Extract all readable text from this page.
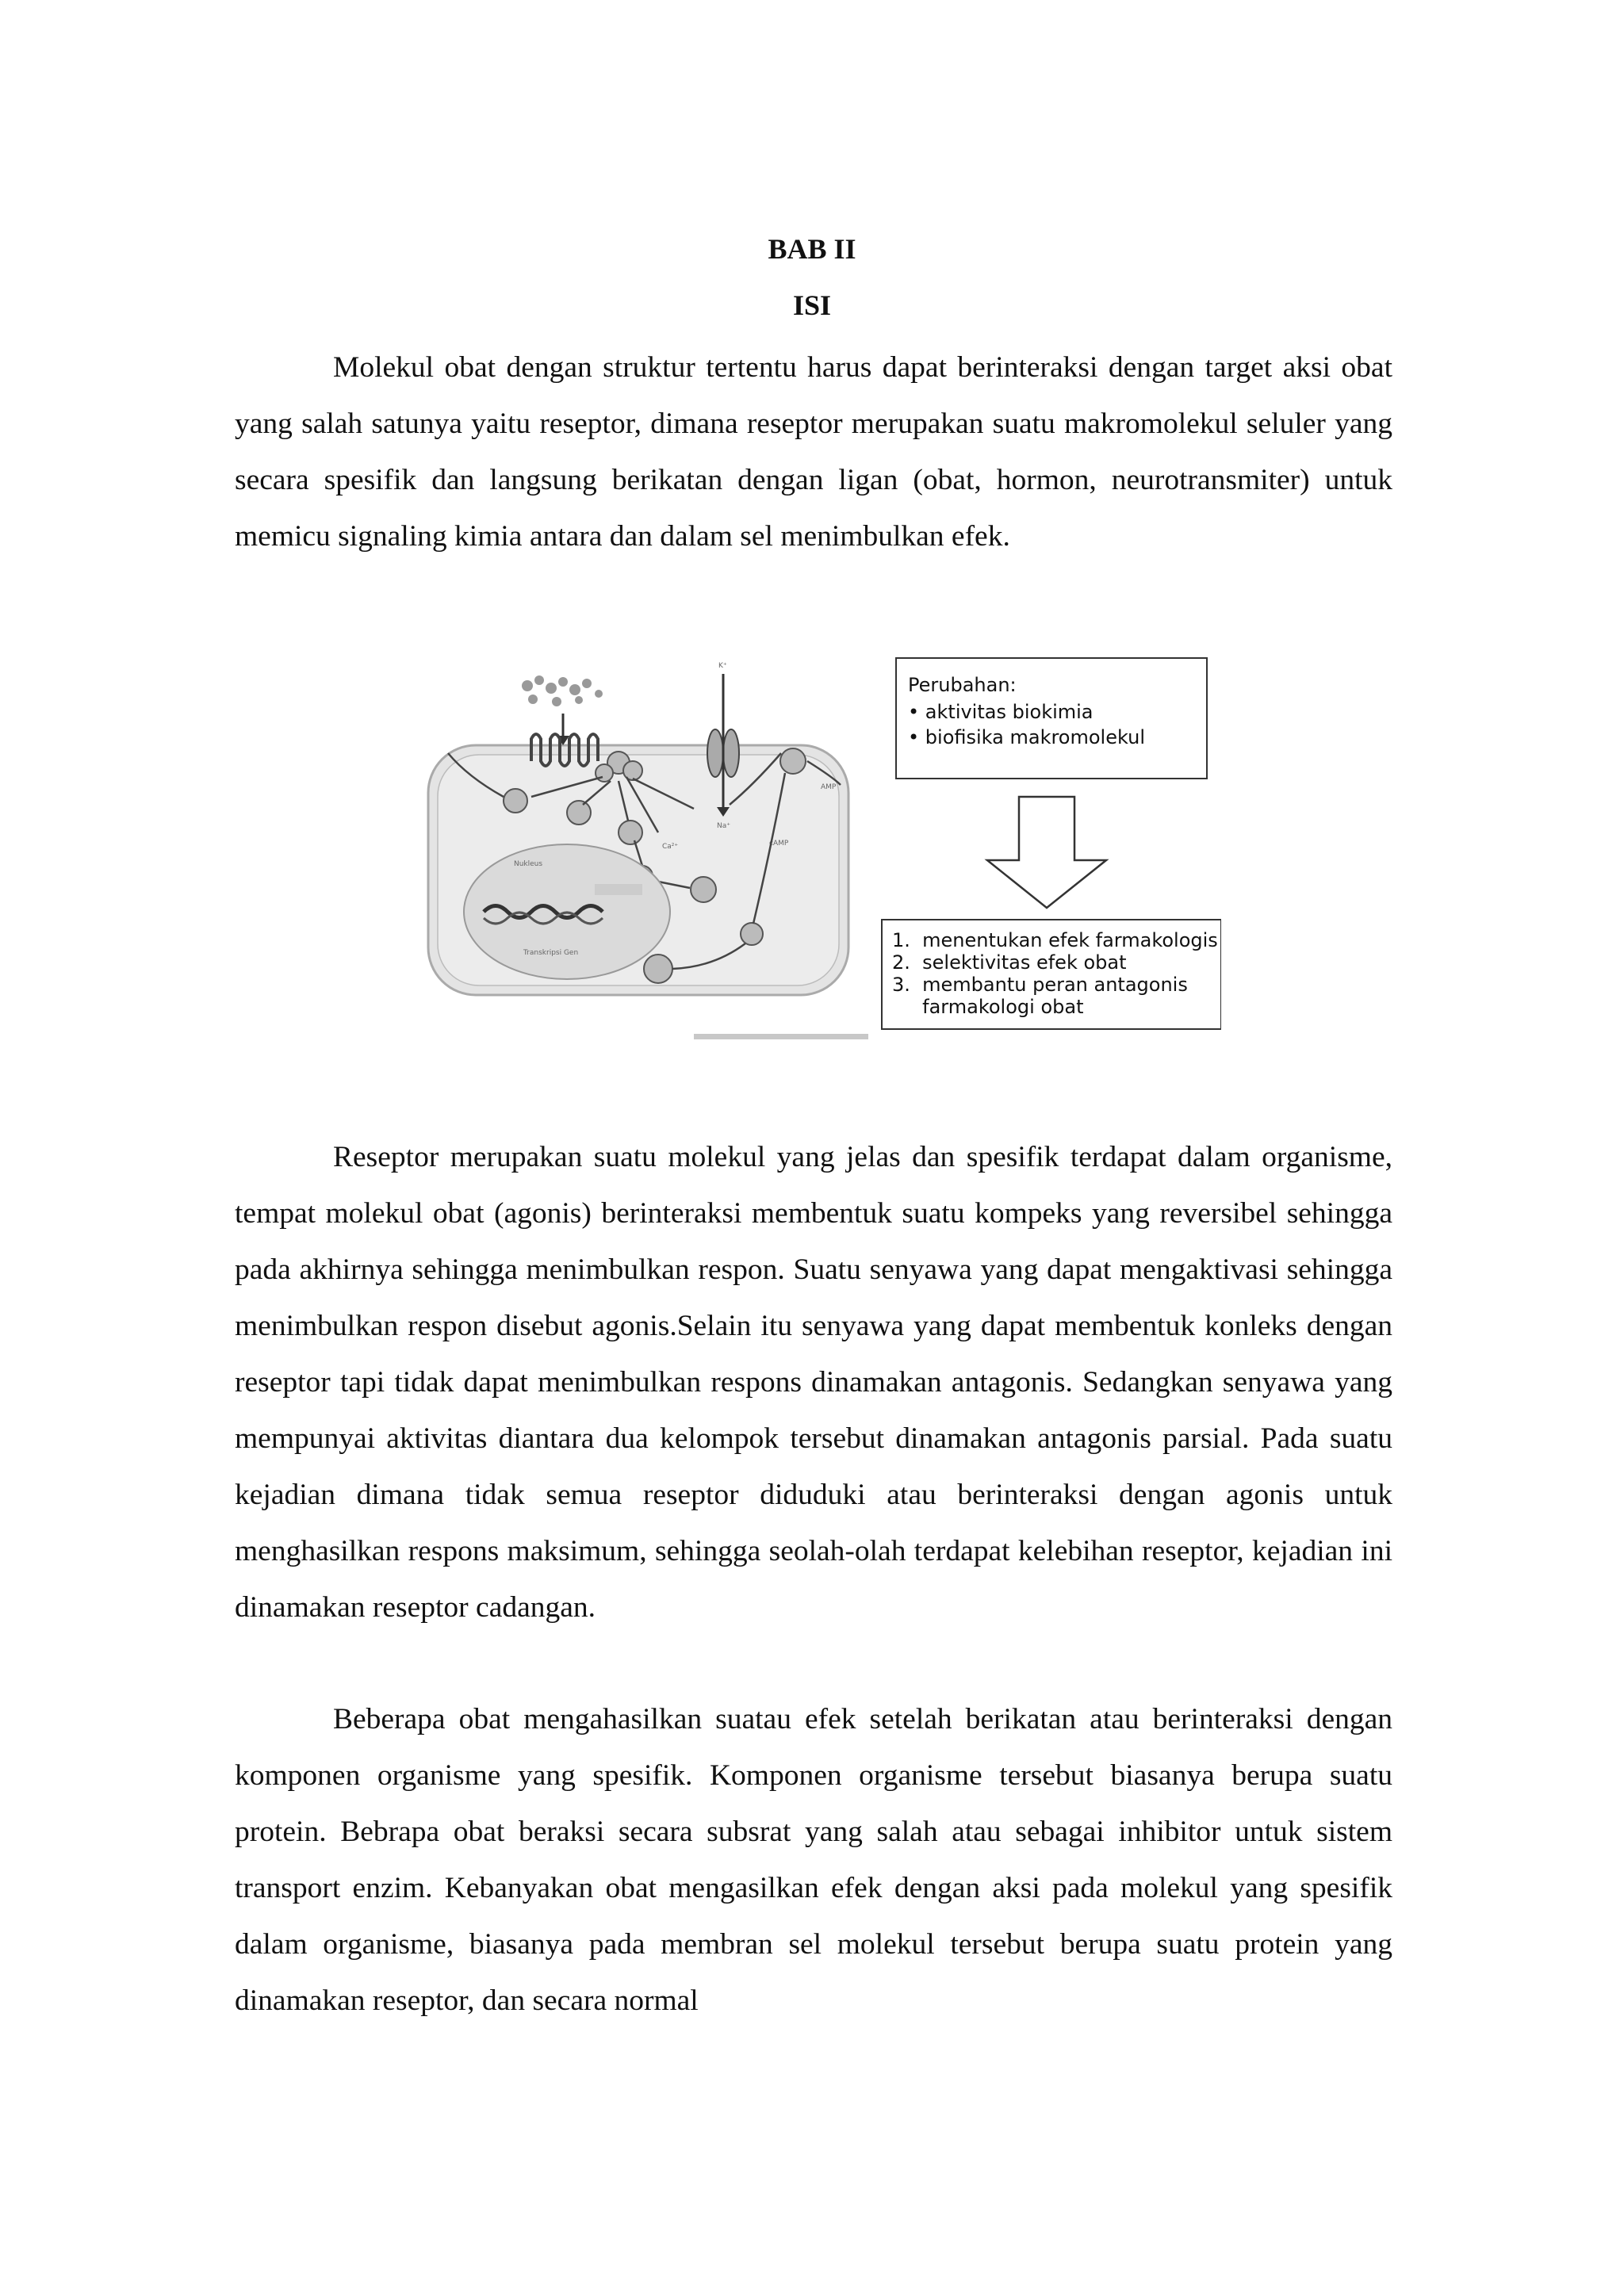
BAB II
ISI
Molekul obat dengan struktur tertentu harus dapat berinteraksi dengan target aksi obat yang salah satunya yaitu reseptor, dimana reseptor merupakan suatu makromolekul seluler yang secara spesifik dan langsung berikatan dengan ligan (obat, hormon, neurotransmiter) untuk memicu signaling kimia antara dan dalam sel menimbulkan efek.
K⁺
Na⁺
AMP
Ca²⁺	cAMP
Nukleus
Transkripsi Gen
Perubahan:
• aktivitas biokimia
• biofisika makromolekul
1.  menentukan efek farmakologis
2.  selektivitas efek obat
3.  membantu peran antagonis
farmakologi obat
Reseptor merupakan suatu molekul yang jelas dan spesifik terdapat dalam organisme, tempat molekul obat (agonis) berinteraksi membentuk suatu kompeks yang reversibel sehingga pada akhirnya sehingga menimbulkan respon. Suatu senyawa yang dapat mengaktivasi sehingga menimbulkan respon disebut agonis.Selain itu senyawa yang dapat membentuk konleks dengan reseptor tapi tidak dapat menimbulkan respons dinamakan antagonis. Sedangkan senyawa yang mempunyai aktivitas diantara dua kelompok tersebut dinamakan antagonis parsial. Pada suatu kejadian dimana tidak semua reseptor diduduki atau berinteraksi dengan agonis untuk menghasilkan respons maksimum, sehingga seolah-olah terdapat kelebihan reseptor, kejadian ini dinamakan reseptor cadangan.
Beberapa obat mengahasilkan suatau efek setelah berikatan atau berinteraksi dengan komponen organisme yang spesifik. Komponen organisme tersebut biasanya berupa suatu protein. Bebrapa obat beraksi secara subsrat yang salah atau sebagai inhibitor untuk sistem transport enzim. Kebanyakan obat mengasilkan efek dengan aksi pada molekul yang spesifik dalam organisme, biasanya pada membran sel molekul tersebut berupa suatu protein yang dinamakan reseptor, dan secara normal
